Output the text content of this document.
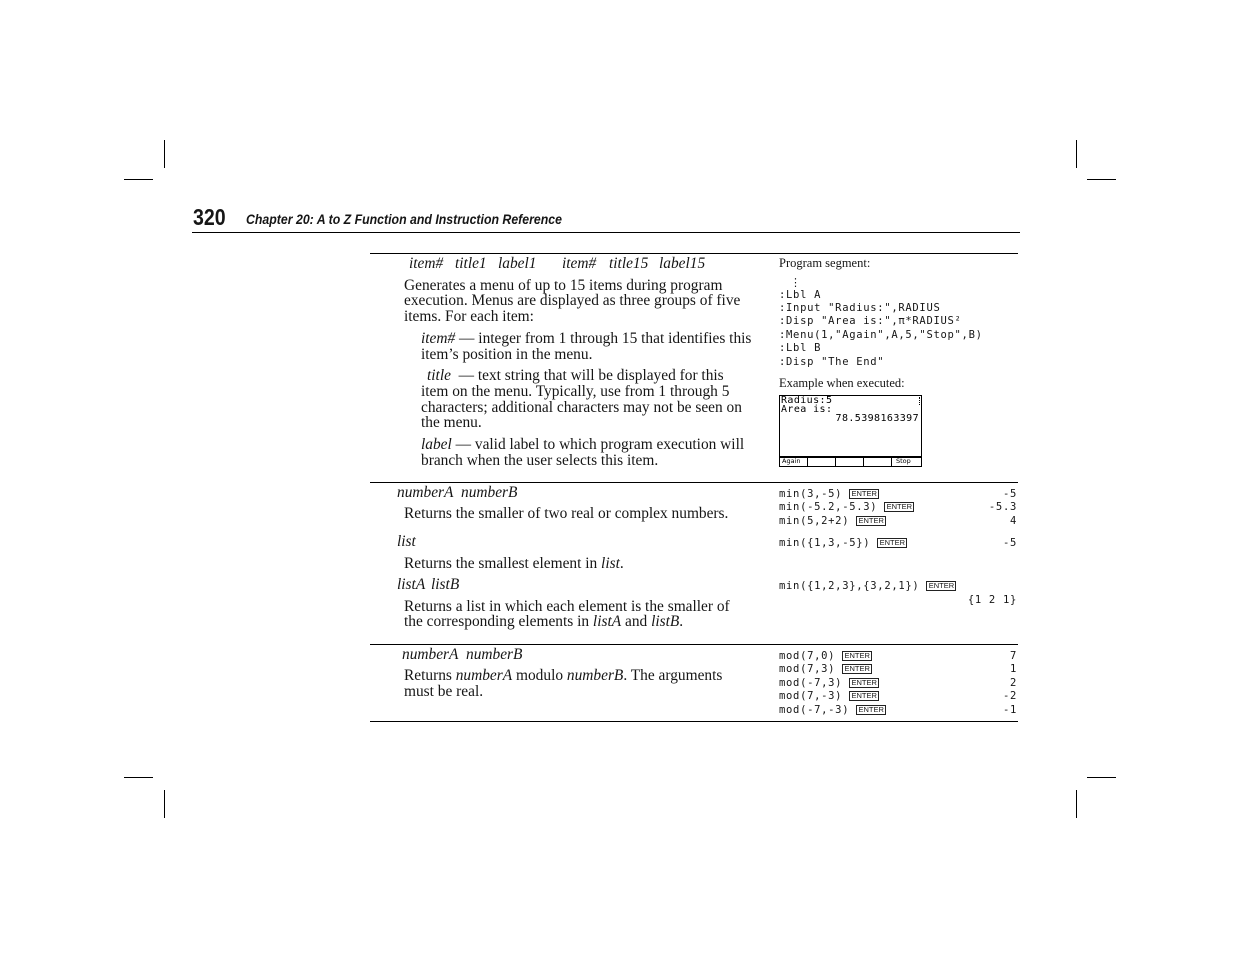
320 Chapter 20: A to Z Function and Instruction Reference
item# title1 label1 item# title15 label15
Generates a menu of up to 15 items during program
execution. Menus are displayed as three groups of five
items. For each item:
item# — integer from 1 through 15 that identifies this
item’s position in the menu.
title  — text string that will be displayed for this
item on the menu. Typically, use from 1 through 5
characters; additional characters may not be seen on
the menu.
label — valid label to which program execution will
branch when the user selects this item.
Program segment:
⋮
:Lbl A
:Input "Radius:",RADIUS
:Disp "Area is:",π*RADIUS²
:Menu(1,"Again",A,5,"Stop",B)
:Lbl B
:Disp "The End"
Example when executed:
Radius:5
Area is:
78.5398163397
Again	Stop
numberA numberB
Returns the smaller of two real or complex numbers.
list
Returns the smallest element in list.
listA listB
Returns a list in which each element is the smaller of
the corresponding elements in listA and listB.
min(3,-5)	ENTER	-5
min(-5.2,-5.3)	ENTER	-5.3
min(5,2+2)	ENTER	4
min({1,3,-5})	ENTER	-5
min({1,2,3},{3,2,1})	ENTER
{1 2 1}
numberA numberB
Returns numberA modulo numberB. The arguments
must be real.
mod(7,0)	ENTER	7
mod(7,3)	ENTER	1
mod(-7,3)	ENTER	2
mod(7,-3)	ENTER	-2
mod(-7,-3)	ENTER	-1
